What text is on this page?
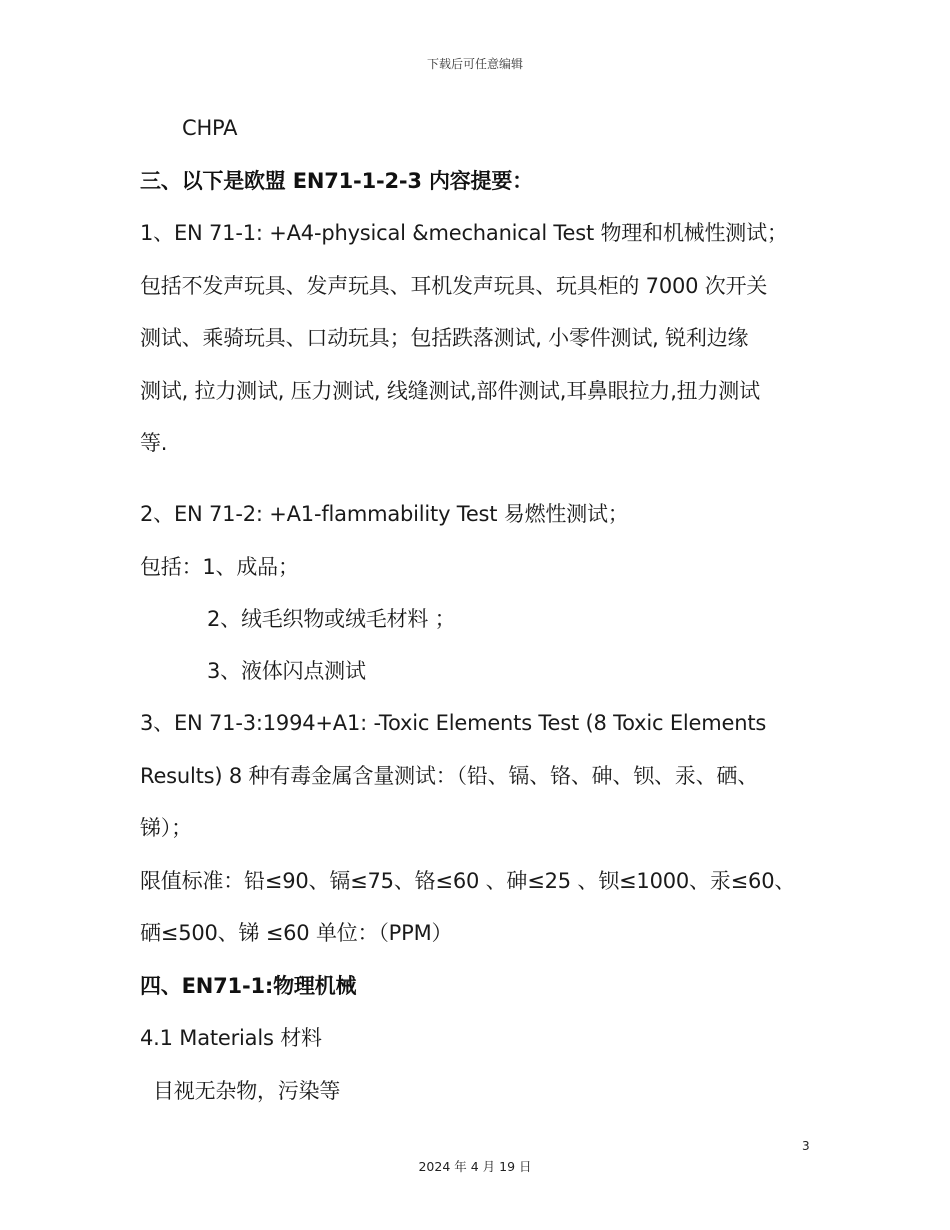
下载后可任意编辑
CHPA
三、以下是欧盟 EN71-1-2-3 内容提要：
1、EN 71-1: +A4-physical &mechanical Test 物理和机械性测试；
包括不发声玩具、发声玩具、耳机发声玩具、玩具柜的 7000 次开关
测试、乘骑玩具、口动玩具；包括跌落测试, 小零件测试, 锐利边缘
测试, 拉力测试, 压力测试, 线缝测试,部件测试,耳鼻眼拉力,扭力测试
等.
2、EN 71-2: +A1-flammability Test 易燃性测试；
包括：1、成品；
2、绒毛织物或绒毛材料 ；
3、液体闪点测试
3、EN 71-3:1994+A1: -Toxic Elements Test (8 Toxic Elements
Results) 8 种有毒金属含量测试：（铅、镉、铬、砷、钡、汞、硒、
锑）；
限值标准：铅≤90、镉≤75、铬≤60 、砷≤25 、钡≤1000、汞≤60、
硒≤500、锑 ≤60 单位：（PPM）
四、EN71-1:物理机械
4.1 Materials 材料
目视无杂物，污染等
3
2024 年 4 月 19 日
